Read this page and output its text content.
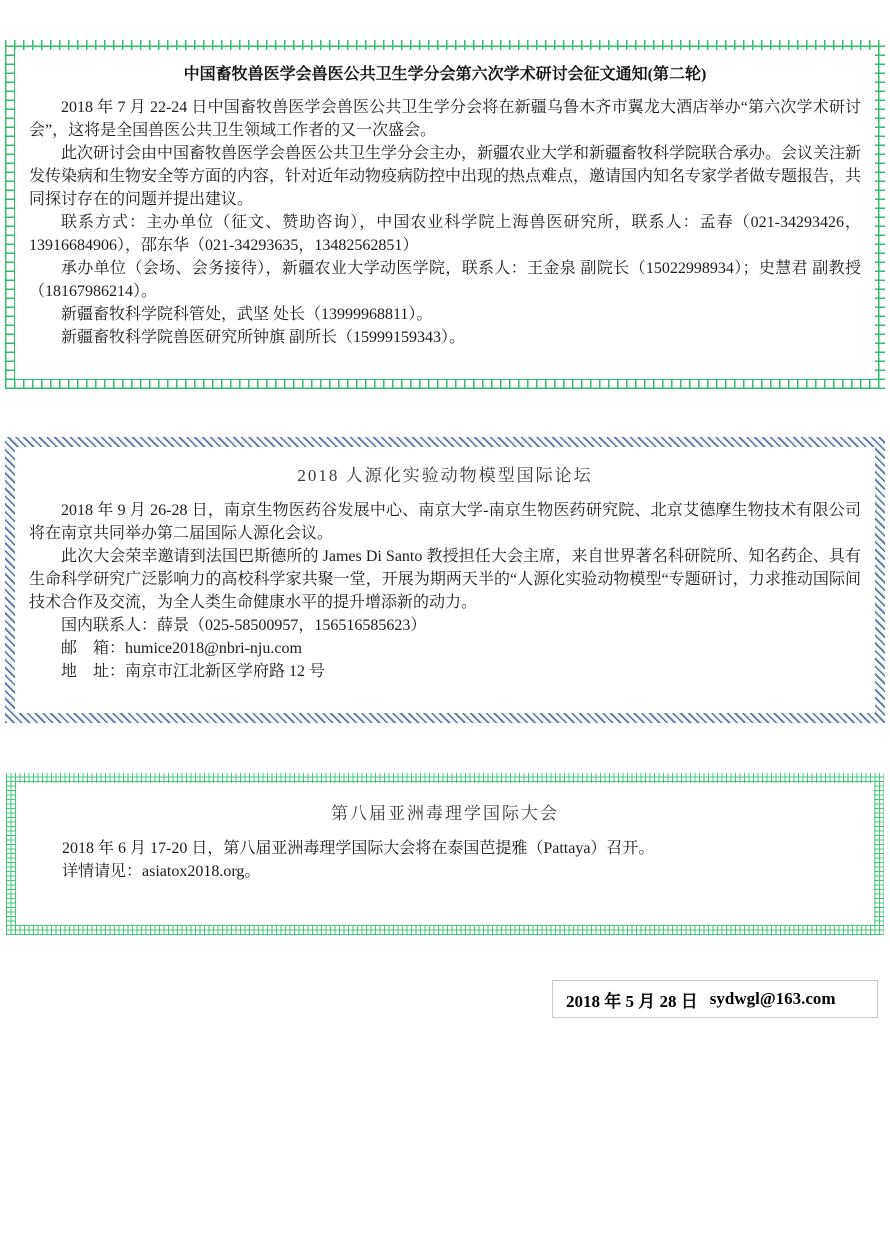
中国畜牧兽医学会兽医公共卫生学分会第六次学术研讨会征文通知(第二轮)

2018 年 7 月 22-24 日中国畜牧兽医学会兽医公共卫生学分会将在新疆乌鲁木齐市翼龙大酒店举办“第六次学术研讨会”，这将是全国兽医公共卫生领域工作者的又一次盛会。

此次研讨会由中国畜牧兽医学会兽医公共卫生学分会主办，新疆农业大学和新疆畜牧科学院联合承办。会议关注新发传染病和生物安全等方面的内容，针对近年动物疫病防控中出现的热点难点，邀请国内知名专家学者做专题报告，共同探讨存在的问题并提出建议。

联系方式：主办单位（征文、赞助咨询），中国农业科学院上海兽医研究所，联系人：孟春（021-34293426，13916684906），邵东华（021-34293635，13482562851）

承办单位（会场、会务接待），新疆农业大学动医学院，联系人：王金泉 副院长（15022998934）；史慧君 副教授（18167986214）。

新疆畜牧科学院科管处，武坚 处长（13999968811）。

新疆畜牧科学院兽医研究所钟旗 副所长（15999159343）。

2018 人源化实验动物模型国际论坛

2018 年 9 月 26-28 日，南京生物医药谷发展中心、南京大学-南京生物医药研究院、北京艾德摩生物技术有限公司将在南京共同举办第二届国际人源化会议。

此次大会荣幸邀请到法国巴斯德所的 James Di Santo 教授担任大会主席，来自世界著名科研院所、知名药企、具有生命科学研究广泛影响力的高校科学家共聚一堂，开展为期两天半的“人源化实验动物模型“专题研讨，力求推动国际间技术合作及交流，为全人类生命健康水平的提升增添新的动力。

国内联系人：薛景（025-58500957，156516585623）

邮　箱：humice2018@nbri-nju.com

地　址：南京市江北新区学府路 12 号

第八届亚洲毒理学国际大会

2018 年 6 月 17-20 日，第八届亚洲毒理学国际大会将在泰国芭提雅（Pattaya）召开。

详情请见：asiatox2018.org。

2018 年 5 月 28 日 sydwgl@163.com
